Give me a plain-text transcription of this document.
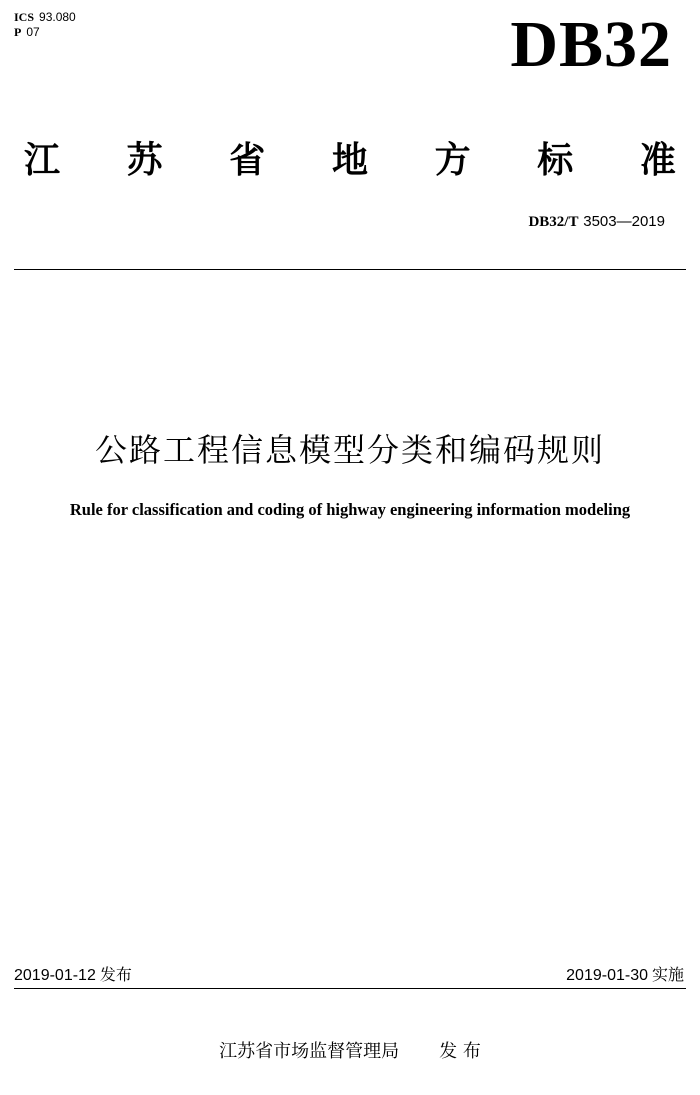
ICS 93.080
P 07	DB32
江 苏 省 地 方 标 准
DB32/T 3503—2019
公路工程信息模型分类和编码规则
Rule for classification and coding of highway engineering information modeling
2019-01-12 发布	2019-01-30 实施
江苏省市场监督管理局 发 布
